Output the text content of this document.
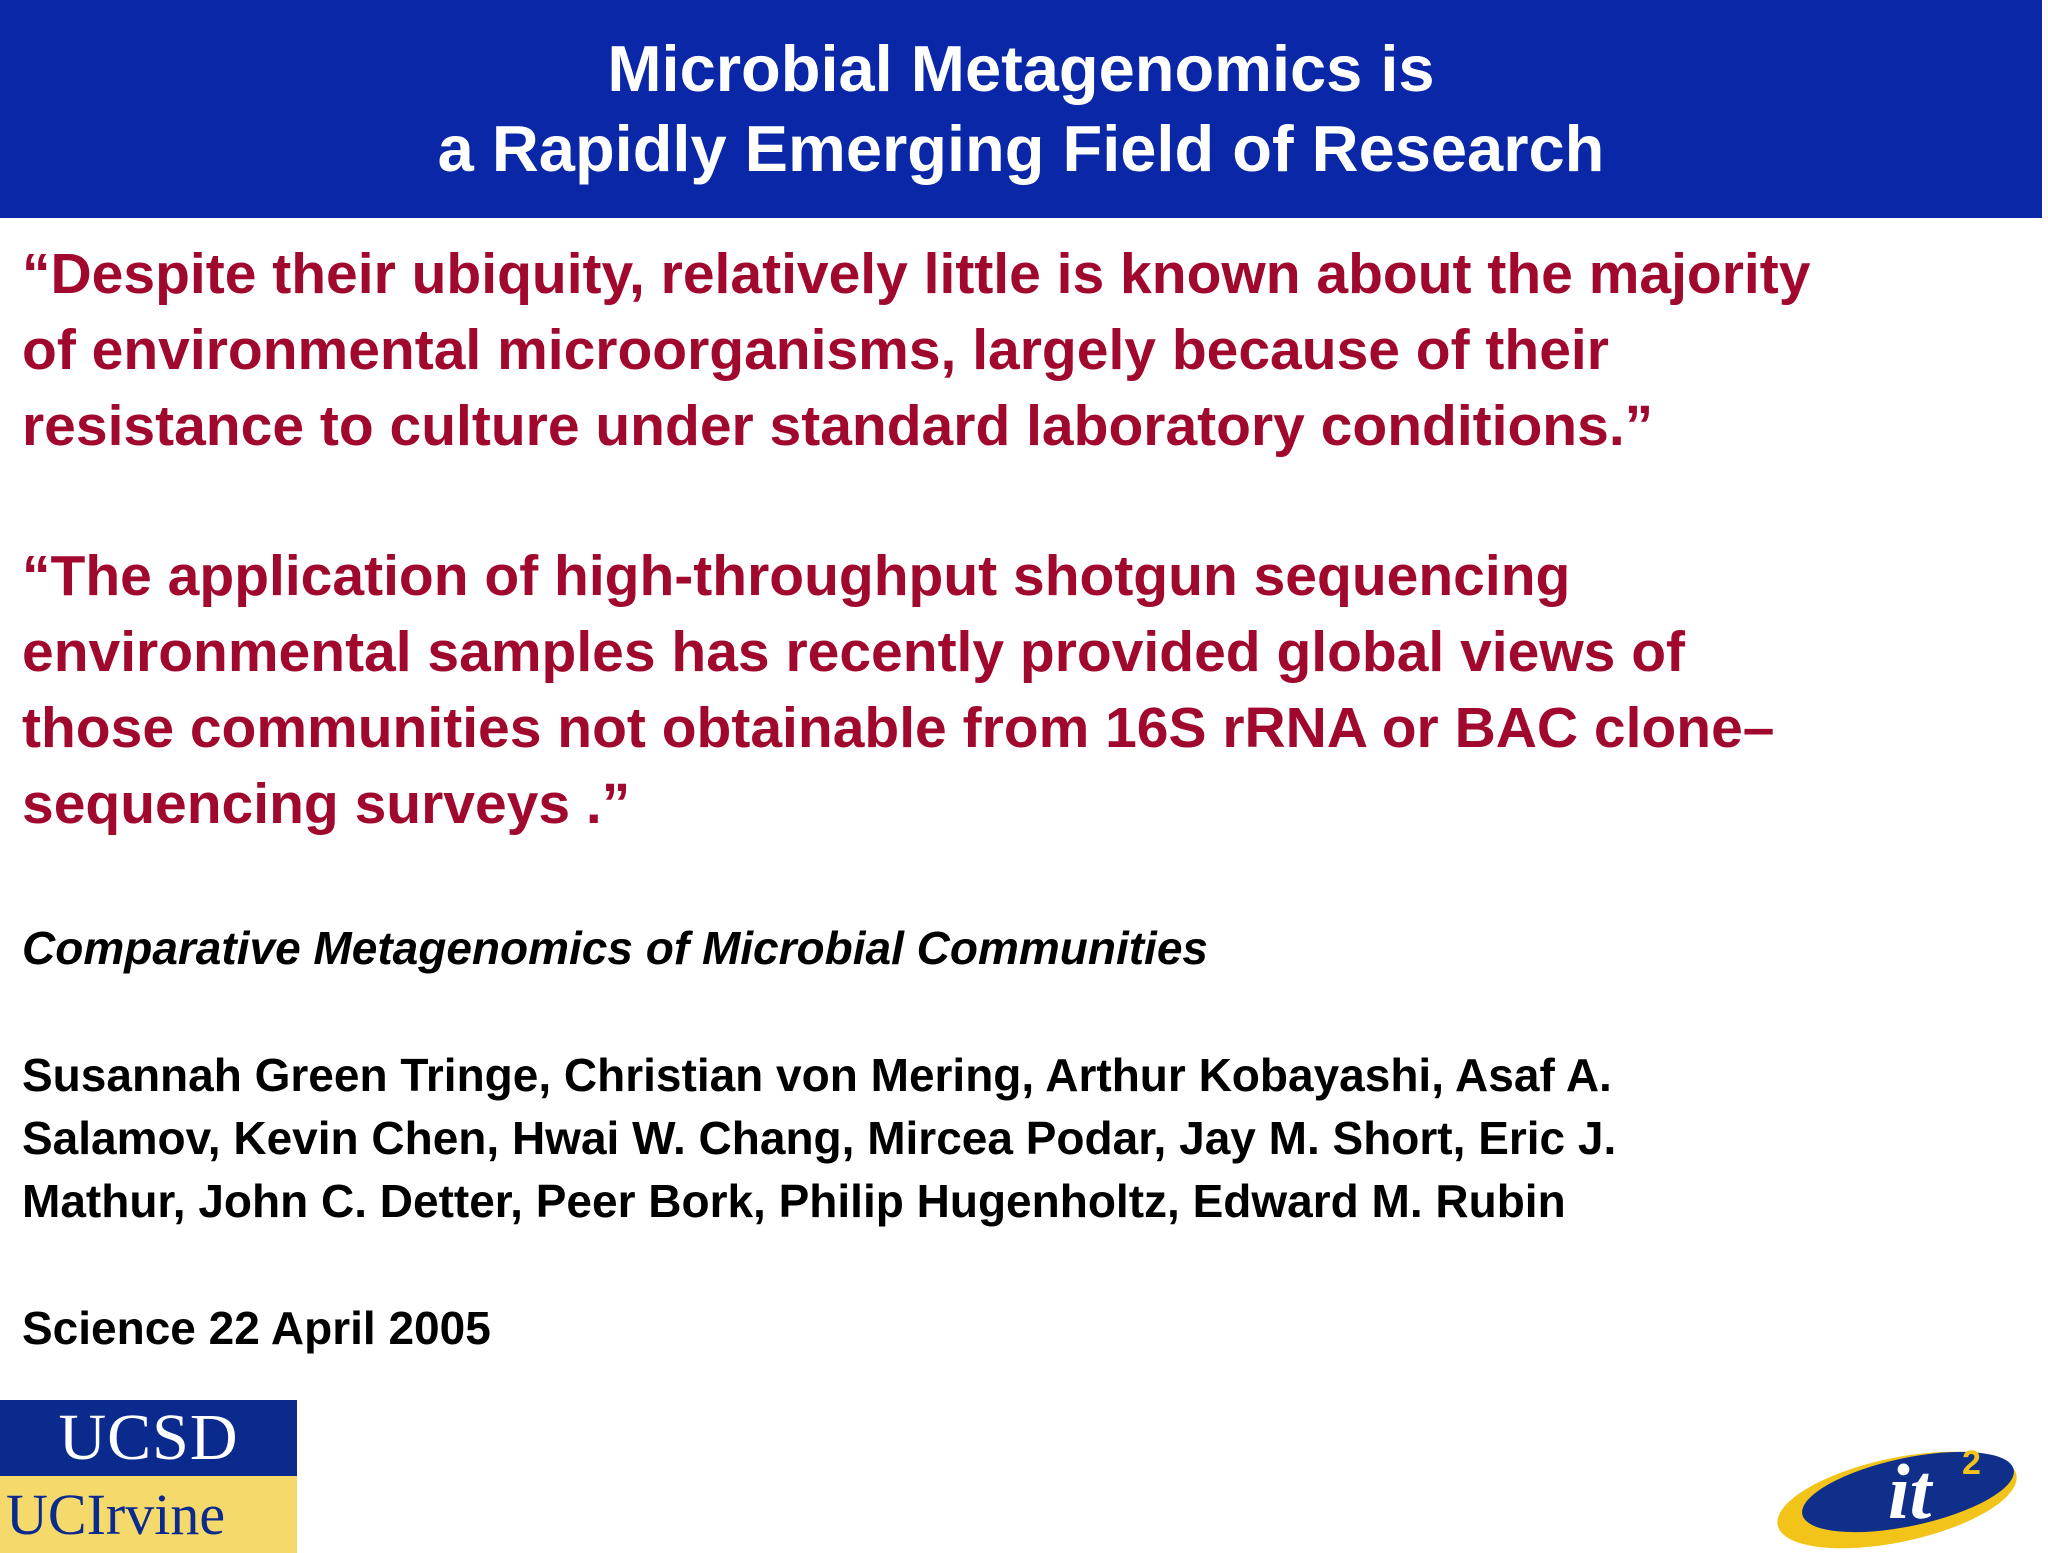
Microbial Metagenomics is
a Rapidly Emerging Field of Research
“Despite their ubiquity, relatively little is known about the majority
of environmental microorganisms, largely because of their
resistance to culture under standard laboratory conditions.”
“The application of high-throughput shotgun sequencing
environmental samples has recently provided global views of
those communities not obtainable from 16S rRNA or BAC clone–
sequencing surveys .”
Comparative Metagenomics of Microbial Communities
Susannah Green Tringe, Christian von Mering, Arthur Kobayashi, Asaf A.
Salamov, Kevin Chen, Hwai W. Chang, Mircea Podar, Jay M. Short, Eric J.
Mathur, John C. Detter, Peer Bork, Philip Hugenholtz, Edward M. Rubin
Science 22 April 2005
UCSD
UCIrvine	it 2
